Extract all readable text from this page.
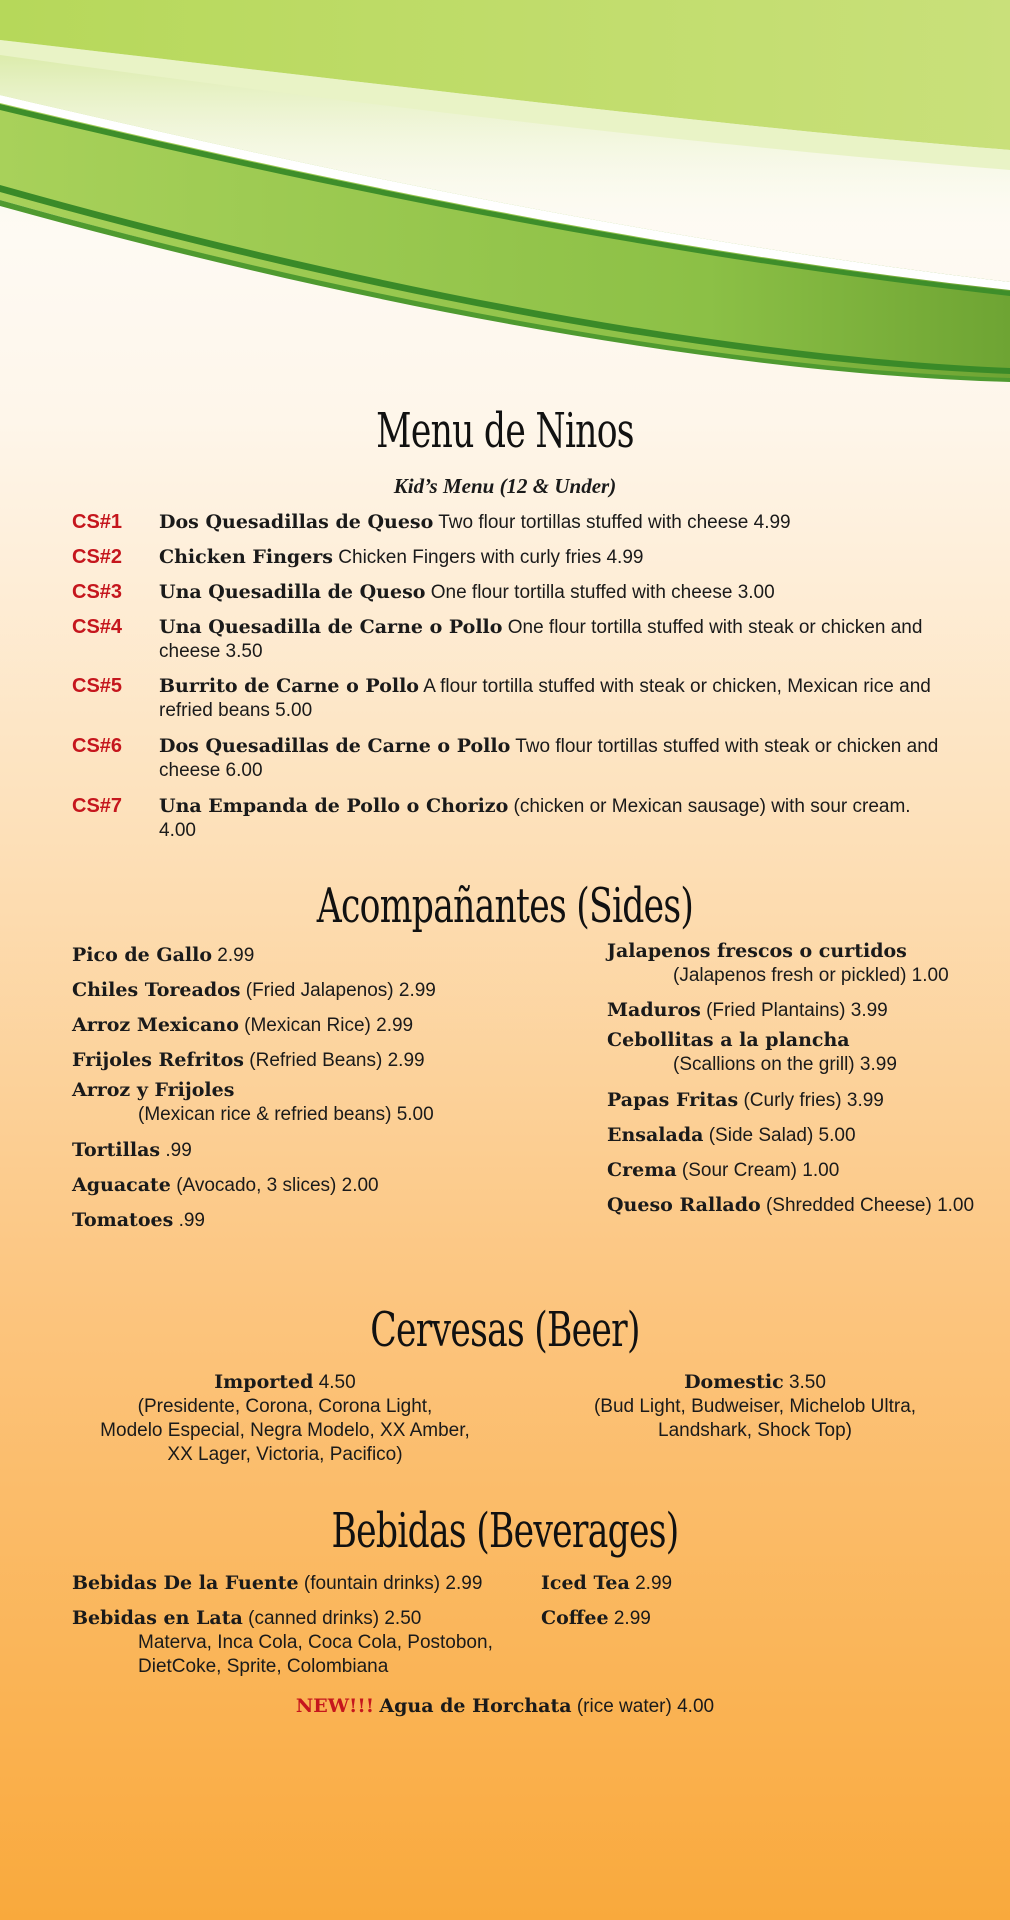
Menu de Ninos

Kid’s Menu (12 & Under)

CS#1 Dos Quesadillas de Queso Two flour tortillas stuffed with cheese 4.99
CS#2 Chicken Fingers Chicken Fingers with curly fries 4.99
CS#3 Una Quesadilla de Queso One flour tortilla stuffed with cheese 3.00
CS#4 Una Quesadilla de Carne o Pollo One flour tortilla stuffed with steak or chicken and cheese 3.50
CS#5 Burrito de Carne o Pollo A flour tortilla stuffed with steak or chicken, Mexican rice and refried beans 5.00
CS#6 Dos Quesadillas de Carne o Pollo Two flour tortillas stuffed with steak or chicken and cheese 6.00
CS#7 Una Empanda de Pollo o Chorizo (chicken or Mexican sausage) with sour cream. 4.00
Acompañantes (Sides)
Pico de Gallo 2.99
Chiles Toreados (Fried Jalapenos) 2.99
Arroz Mexicano (Mexican Rice) 2.99
Frijoles Refritos (Refried Beans) 2.99
Arroz y Frijoles
(Mexican rice & refried beans) 5.00
Tortillas .99
Aguacate (Avocado, 3 slices) 2.00
Tomatoes .99
Jalapenos frescos o curtidos
(Jalapenos fresh or pickled) 1.00
Maduros (Fried Plantains) 3.99
Cebollitas a la plancha
(Scallions on the grill) 3.99
Papas Fritas (Curly fries) 3.99
Ensalada (Side Salad) 5.00
Crema (Sour Cream) 1.00
Queso Rallado (Shredded Cheese) 1.00
Cervesas (Beer)
Imported 4.50
(Presidente, Corona, Corona Light,
Modelo Especial, Negra Modelo, XX Amber,
XX Lager, Victoria, Pacifico)
Domestic 3.50
(Bud Light, Budweiser, Michelob Ultra,
Landshark, Shock Top)
Bebidas (Beverages)
Bebidas De la Fuente (fountain drinks) 2.99
Bebidas en Lata (canned drinks) 2.50
Materva, Inca Cola, Coca Cola, Postobon,
DietCoke, Sprite, Colombiana
Iced Tea 2.99
Coffee 2.99
NEW!!! Agua de Horchata (rice water) 4.00
